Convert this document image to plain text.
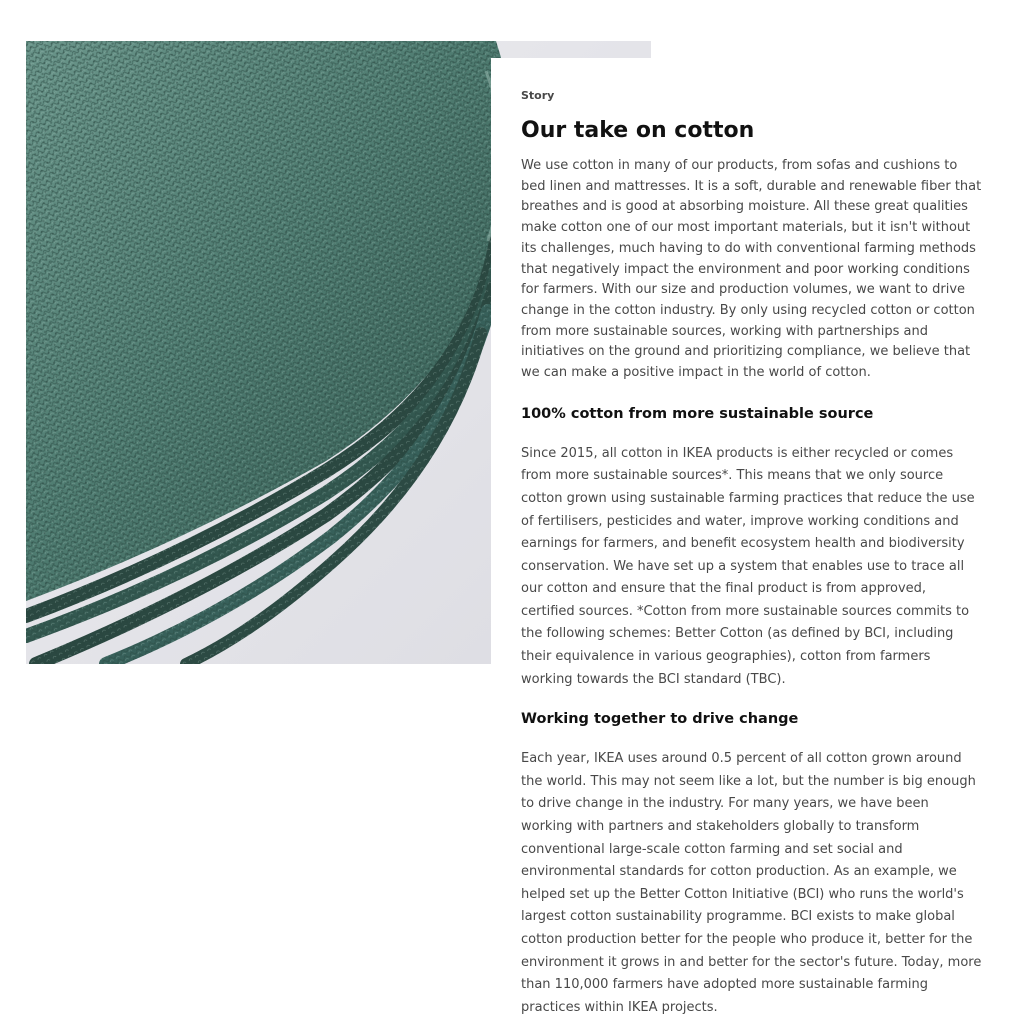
Story

Our take on cotton

We use cotton in many of our products, from sofas and cushions to bed linen and mattresses. It is a soft, durable and renewable fiber that breathes and is good at absorbing moisture. All these great qualities make cotton one of our most important materials, but it isn't without its challenges, much having to do with conventional farming methods that negatively impact the environment and poor working conditions for farmers. With our size and production volumes, we want to drive change in the cotton industry. By only using recycled cotton or cotton from more sustainable sources, working with partnerships and initiatives on the ground and prioritizing compliance, we believe that we can make a positive impact in the world of cotton.

100% cotton from more sustainable source

Since 2015, all cotton in IKEA products is either recycled or comes from more sustainable sources*. This means that we only source cotton grown using sustainable farming practices that reduce the use of fertilisers, pesticides and water, improve working conditions and earnings for farmers, and benefit ecosystem health and biodiversity conservation. We have set up a system that enables use to trace all our cotton and ensure that the final product is from approved, certified sources. *Cotton from more sustainable sources commits to the following schemes: Better Cotton (as defined by BCI, including their equivalence in various geographies), cotton from farmers working towards the BCI standard (TBC).

Working together to drive change

Each year, IKEA uses around 0.5 percent of all cotton grown around the world. This may not seem like a lot, but the number is big enough to drive change in the industry. For many years, we have been working with partners and stakeholders globally to transform conventional large-scale cotton farming and set social and environmental standards for cotton production. As an example, we helped set up the Better Cotton Initiative (BCI) who runs the world's largest cotton sustainability programme. BCI exists to make global cotton production better for the people who produce it, better for the environment it grows in and better for the sector's future. Today, more than 110,000 farmers have adopted more sustainable farming practices within IKEA projects.
